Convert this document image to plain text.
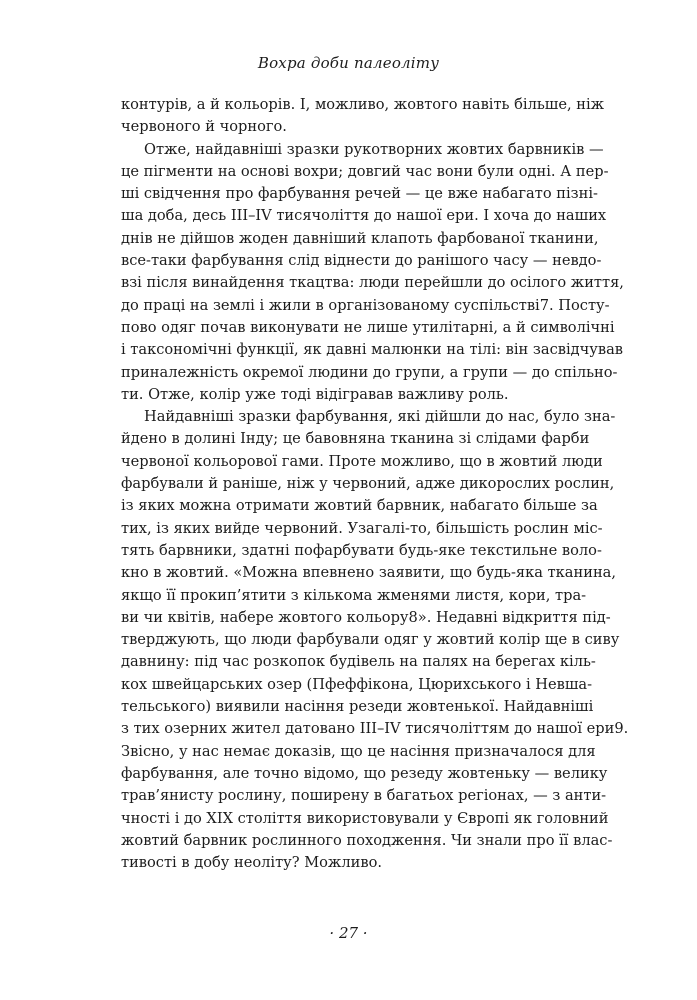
Вохра доби палеоліту
контурів, а й кольорів. І, можливо, жовтого навіть більше, ніж
червоного й чорного.
Отже, найдавніші зразки рукотворних жовтих барвників —
це пігменти на основі вохри; довгий час вони були одні. А пер-
ші свідчення про фарбування речей — це вже набагато пізні-
ша доба, десь III–IV тисячоліття до нашої ери. І хоча до наших
днів не дійшов жоден давніший клапоть фарбованої тканини,
все-таки фарбування слід віднести до ранішого часу — невдо-
взі після винайдення ткацтва: люди перейшли до осілого життя,
до праці на землі і жили в організованому суспільстві7. Посту-
пово одяг почав виконувати не лише утилітарні, а й символічні
і таксономічні функції, як давні малюнки на тілі: він засвідчував
приналежність окремої людини до групи, а групи — до спільно-
ти. Отже, колір уже тоді відігравав важливу роль.
Найдавніші зразки фарбування, які дійшли до нас, було зна-
йдено в долині Інду; це бавовняна тканина зі слідами фарби
червоної кольорової гами. Проте можливо, що в жовтий люди
фарбували й раніше, ніж у червоний, адже дикорослих рослин,
із яких можна отримати жовтий барвник, набагато більше за
тих, із яких вийде червоний. Узагалі-то, більшість рослин міс-
тять барвники, здатні пофарбувати будь-яке текстильне воло-
кно в жовтий. «Можна впевнено заявити, що будь-яка тканина,
якщо її прокип’ятити з кількома жменями листя, кори, тра-
ви чи квітів, набере жовтого кольору8». Недавні відкриття під-
тверджують, що люди фарбували одяг у жовтий колір ще в сиву
давнину: під час розкопок будівель на палях на берегах кіль-
кох швейцарських озер (Пфеффікона, Цюрихського і Невша-
тельського) виявили насіння резеди жовтенької. Найдавніші
з тих озерних жител датовано III–IV тисячоліттям до нашої ери9.
Звісно, у нас немає доказів, що це насіння призначалося для
фарбування, але точно відомо, що резеду жовтеньку — велику
трав’янисту рослину, поширену в багатьох регіонах, — з анти-
чності і до XIX століття використовували у Європі як головний
жовтий барвник рослинного походження. Чи знали про її влас-
тивості в добу неоліту? Можливо.
· 27 ·
